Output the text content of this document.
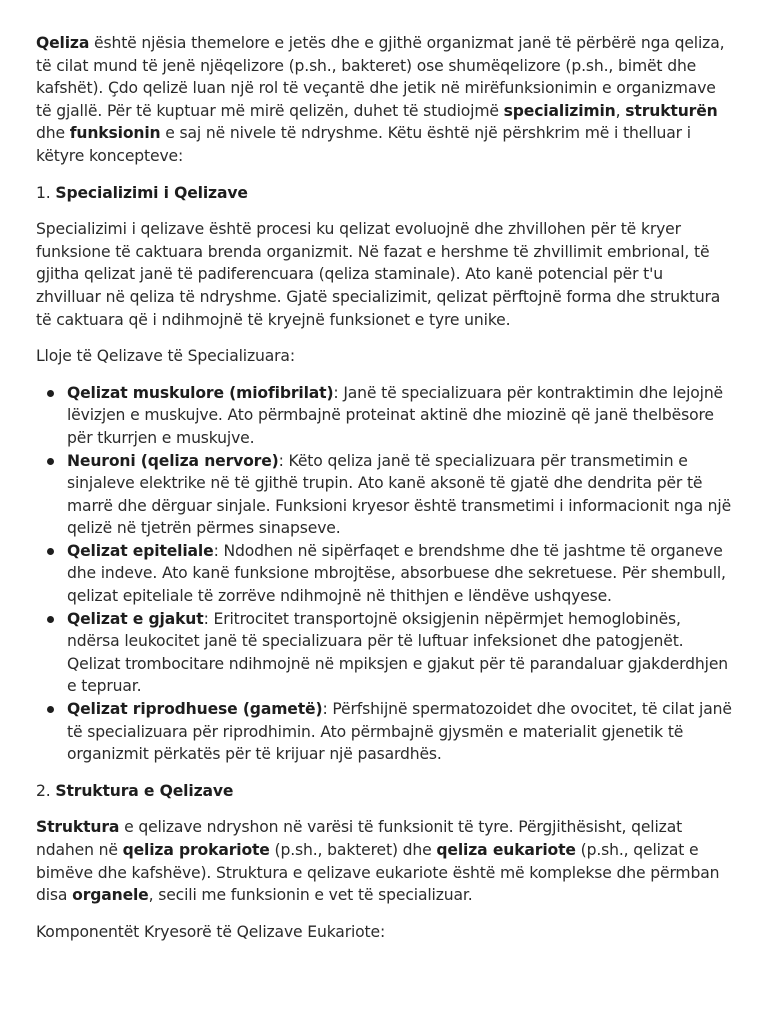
Qeliza është njësia themelore e jetës dhe e gjithë organizmat janë të përbërë nga qeliza, të cilat mund të jenë njëqelizore (p.sh., bakteret) ose shumëqelizore (p.sh., bimët dhe kafshët). Çdo qelizë luan një rol të veçantë dhe jetik në mirëfunksionimin e organizmave të gjallë. Për të kuptuar më mirë qelizën, duhet të studiojmë specializimin, strukturën dhe funksionin e saj në nivele të ndryshme. Këtu është një përshkrim më i thelluar i këtyre koncepteve:

1. Specializimi i Qelizave

Specializimi i qelizave është procesi ku qelizat evoluojnë dhe zhvillohen për të kryer funksione të caktuara brenda organizmit. Në fazat e hershme të zhvillimit embrional, të gjitha qelizat janë të padiferencuara (qeliza staminale). Ato kanë potencial për t'u zhvilluar në qeliza të ndryshme. Gjatë specializimit, qelizat përftojnë forma dhe struktura të caktuara që i ndihmojnë të kryejnë funksionet e tyre unike.

Lloje të Qelizave të Specializuara:

Qelizat muskulore (miofibrilat): Janë të specializuara për kontraktimin dhe lejojnë lëvizjen e muskujve. Ato përmbajnë proteinat aktinë dhe miozinë që janë thelbësore për tkurrjen e muskujve.
Neuroni (qeliza nervore): Këto qeliza janë të specializuara për transmetimin e sinjaleve elektrike në të gjithë trupin. Ato kanë aksonë të gjatë dhe dendrita për të marrë dhe dërguar sinjale. Funksioni kryesor është transmetimi i informacionit nga një qelizë në tjetrën përmes sinapseve.
Qelizat epiteliale: Ndodhen në sipërfaqet e brendshme dhe të jashtme të organeve dhe indeve. Ato kanë funksione mbrojtëse, absorbuese dhe sekretuese. Për shembull, qelizat epiteliale të zorrëve ndihmojnë në thithjen e lëndëve ushqyese.
Qelizat e gjakut: Eritrocitet transportojnë oksigjenin nëpërmjet hemoglobinës, ndërsa leukocitet janë të specializuara për të luftuar infeksionet dhe patogjenët. Qelizat trombocitare ndihmojnë në mpiksjen e gjakut për të parandaluar gjakderdhjen e tepruar.
Qelizat riprodhuese (gametë): Përfshijnë spermatozoidet dhe ovocitet, të cilat janë të specializuara për riprodhimin. Ato përmbajnë gjysmën e materialit gjenetik të organizmit përkatës për të krijuar një pasardhës.

2. Struktura e Qelizave

Struktura e qelizave ndryshon në varësi të funksionit të tyre. Përgjithësisht, qelizat ndahen në qeliza prokariote (p.sh., bakteret) dhe qeliza eukariote (p.sh., qelizat e bimëve dhe kafshëve). Struktura e qelizave eukariote është më komplekse dhe përmban disa organele, secili me funksionin e vet të specializuar.

Komponentët Kryesorë të Qelizave Eukariote:
